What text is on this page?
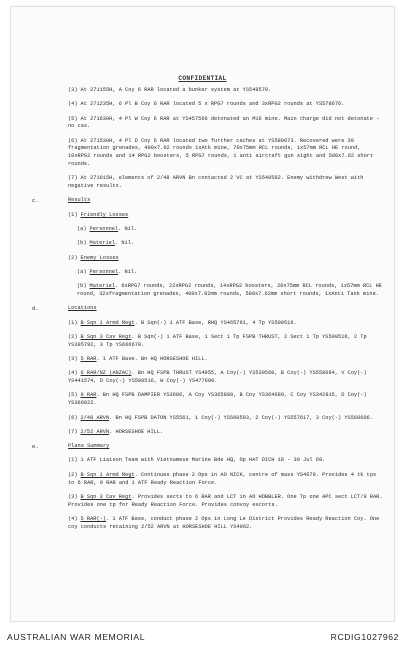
CONFIDENTIAL
(3) At 271155H, A Coy 6 RAR located a bunker system at YS549570.
(4) At 271235H, 6 Pl B Coy 6 RAR located 5 x RPG7 rounds and 3xRPG2 rounds at YS578676.
(5) At 271630H, 4 Pl W Coy 6 RAR at YS457566 detonated an M16 mine. Main charge did not detonate - no cas.
(6) At 271530H, 4 Pl D Coy 6 RAR located two further caches at YS580673. Recovered were 30 fragmentation grenades, 400x7.92 rounds 1xAtk mine, 70x75mm RCL rounds, 1x57mm RCL HE round, 10xRPG2 rounds and 14 RPG2 boosters, 5 RPG7 rounds, 1 anti aircraft gun sight and 580x7.62 short rounds.
(7) At 271615H, elements of 2/48 ARVN Bn contacted 2 VC at YS540582. Enemy withdrew West with negative results.
c.	Results
(1) Friendly Losses
(a) Personnel. Nil.
(b) Materiel. Nil.
(2) Enemy Losses
(a) Personnel. Nil.
(b) Materiel. 6xRPG7 rounds, 22xRPG2 rounds, 14xRPG2 boosters, 20x75mm RCL rounds, 1x57mm RCL HE round, 32xfragmentation grenades, 400x7.92mm rounds, 580x7.62mm short rounds, 1xAnti Tank mine.
d.	Locations
(1) B Sqn 1 Armd Regt. B Sqn(-) 1 ATF Base, RHQ YS465791, 4 Tp YS500516.
(2) B Sqn 3 Cav Regt. B Sqn(-) 1 ATF Base, 1 Sect 1 Tp FSPB THRUST, 2 Sect 1 Tp YS500516, 2 Tp YS395792, 3 Tp YS666670.
(3) 5 RAR. 1 ATF Base. Bn HQ HORSESHOE HILL.
(4) 6 RAR/NZ (ANZAC). Bn HQ FSPB THRUST YS4955, A Coy(-) YS530560, B Coy(-) YS558684, V Coy(-) YS441574, D Coy(-) YS500516, W Coy(-) YS477600.
(5) 9 RAR. Bn HQ FSPB DAMPIER YS3686, A Coy YS365808, B Coy YS364689, C Coy YS342815, D Coy(-) YS366822.
(6) 2/48 ARVN. Bn HQ FSPB DATON YS5561, 1 Coy(-) YS560593, 2 Coy(-) YS557617, 3 Coy(-) YS560606.
(7) 2/52 ARVN. HORSESHOE HILL.
e.	Plans Summary
(1) 1 ATF Liaison Team with Vietnamese Marine Bde HQ, Op HAT DICH 18 - 30 Jul 69.
(2) B Sqn 1 Armd Regt. Continues phase 2 Ops in AO NICK, centre of mass YS4679. Provides 4 tk tps to 6 RAR, 9 RAR and 1 ATF Ready Reaction Force.
(3) B Sqn 3 Cav Regt. Provides sects to 6 RAR and LCT in AO HOBBLER. One Tp one APC sect LCT/9 RAR. Provides one tp for Ready Reaction Force. Provides convoy escorts.
(4) 5 RAR(-). 1 ATF Base, conduct phase 2 Ops in Long Le District Provides Ready Reaction Coy. One coy conducts retaining 2/52 ARVN at HORSESHOE HILL YS4962.
AUSTRALIAN WAR MEMORIAL	RCDIG1027962
